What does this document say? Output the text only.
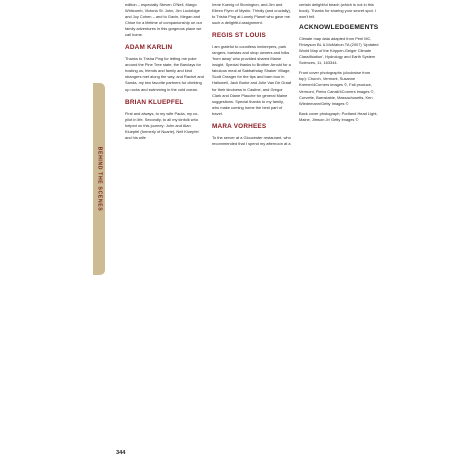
BEHIND THE SCENES

edition – especially Steven O'Neil, Margo Whitcomb, Victoria St. John, Jim Lockridge and Joy Cohen – and to Gavin, Megan and Chloe for a lifetime of companionship on our family adventures in this gorgeous place we call home.

ADAM KARLIN

Thanks to Trisha Ping for letting me poke around the Pine Tree state, the Barclays for hosting us, friends and family and kind strangers met along the way, and Rachel and Sanda, my two favorite partners for climbing up rocks and swimming in the cold ocean.

BRIAN KLUEPFEL

First and always, to my wife Paula, my co-pilot in life. Secondly, to all my kinfolk who helped on this journey: John and Alan Kluepfel (formerly of Nuarie), Neil Kluepfel and his wife

Irene Koenig of Stonington, and Jim and Eileen Flynn of Mystic. Thirdly (and crucially), to Trisha Ping at Lonely Planet who gave me such a delightful assignment.

REGIS ST LOUIS

I am grateful to countless innkeepers, park rangers, baristas and shop owners and folks 'from away' who provided shared Maine insight. Special thanks to Brother Arnold for a fabulous meal at Sabbathday Shaker Village, Scott Creager for the tips and barn tour in Hallowell, Jack Burke and Julie Van De Graaf for their kindness in Castine, and Gregor Clark and Diane Plauche for general Maine suggestions. Special thanks to my family, who make coming home the best part of travel.

MARA VORHEES

To the server at a Gloucester restaurant, who recommended that I spend my afternoon at a

certain delightful beach (which is not in this book). Thanks for sharing your secret spot. I won't tell.

ACKNOWLEDGEMENTS

Climate map data adapted from Peel MC, Finlayson BL & McMahon TA (2007) 'Updated World Map of the Köppen-Geiger Climate Classification', Hydrology and Earth System Sciences, 11, 163344.

Front cover photographs (clockwise from top): Church, Vermont, Susanne Kremer/4Corners images ©, Fall produce, Vermont, Pietro Canali/4Corners images ©, Corvette, Barnstable, Massachusetts, Ken Wiedemann/Getty Images ©

Back cover photograph: Portland Head Light, Maine, Jimson Jr/ Getty Images ©

344
